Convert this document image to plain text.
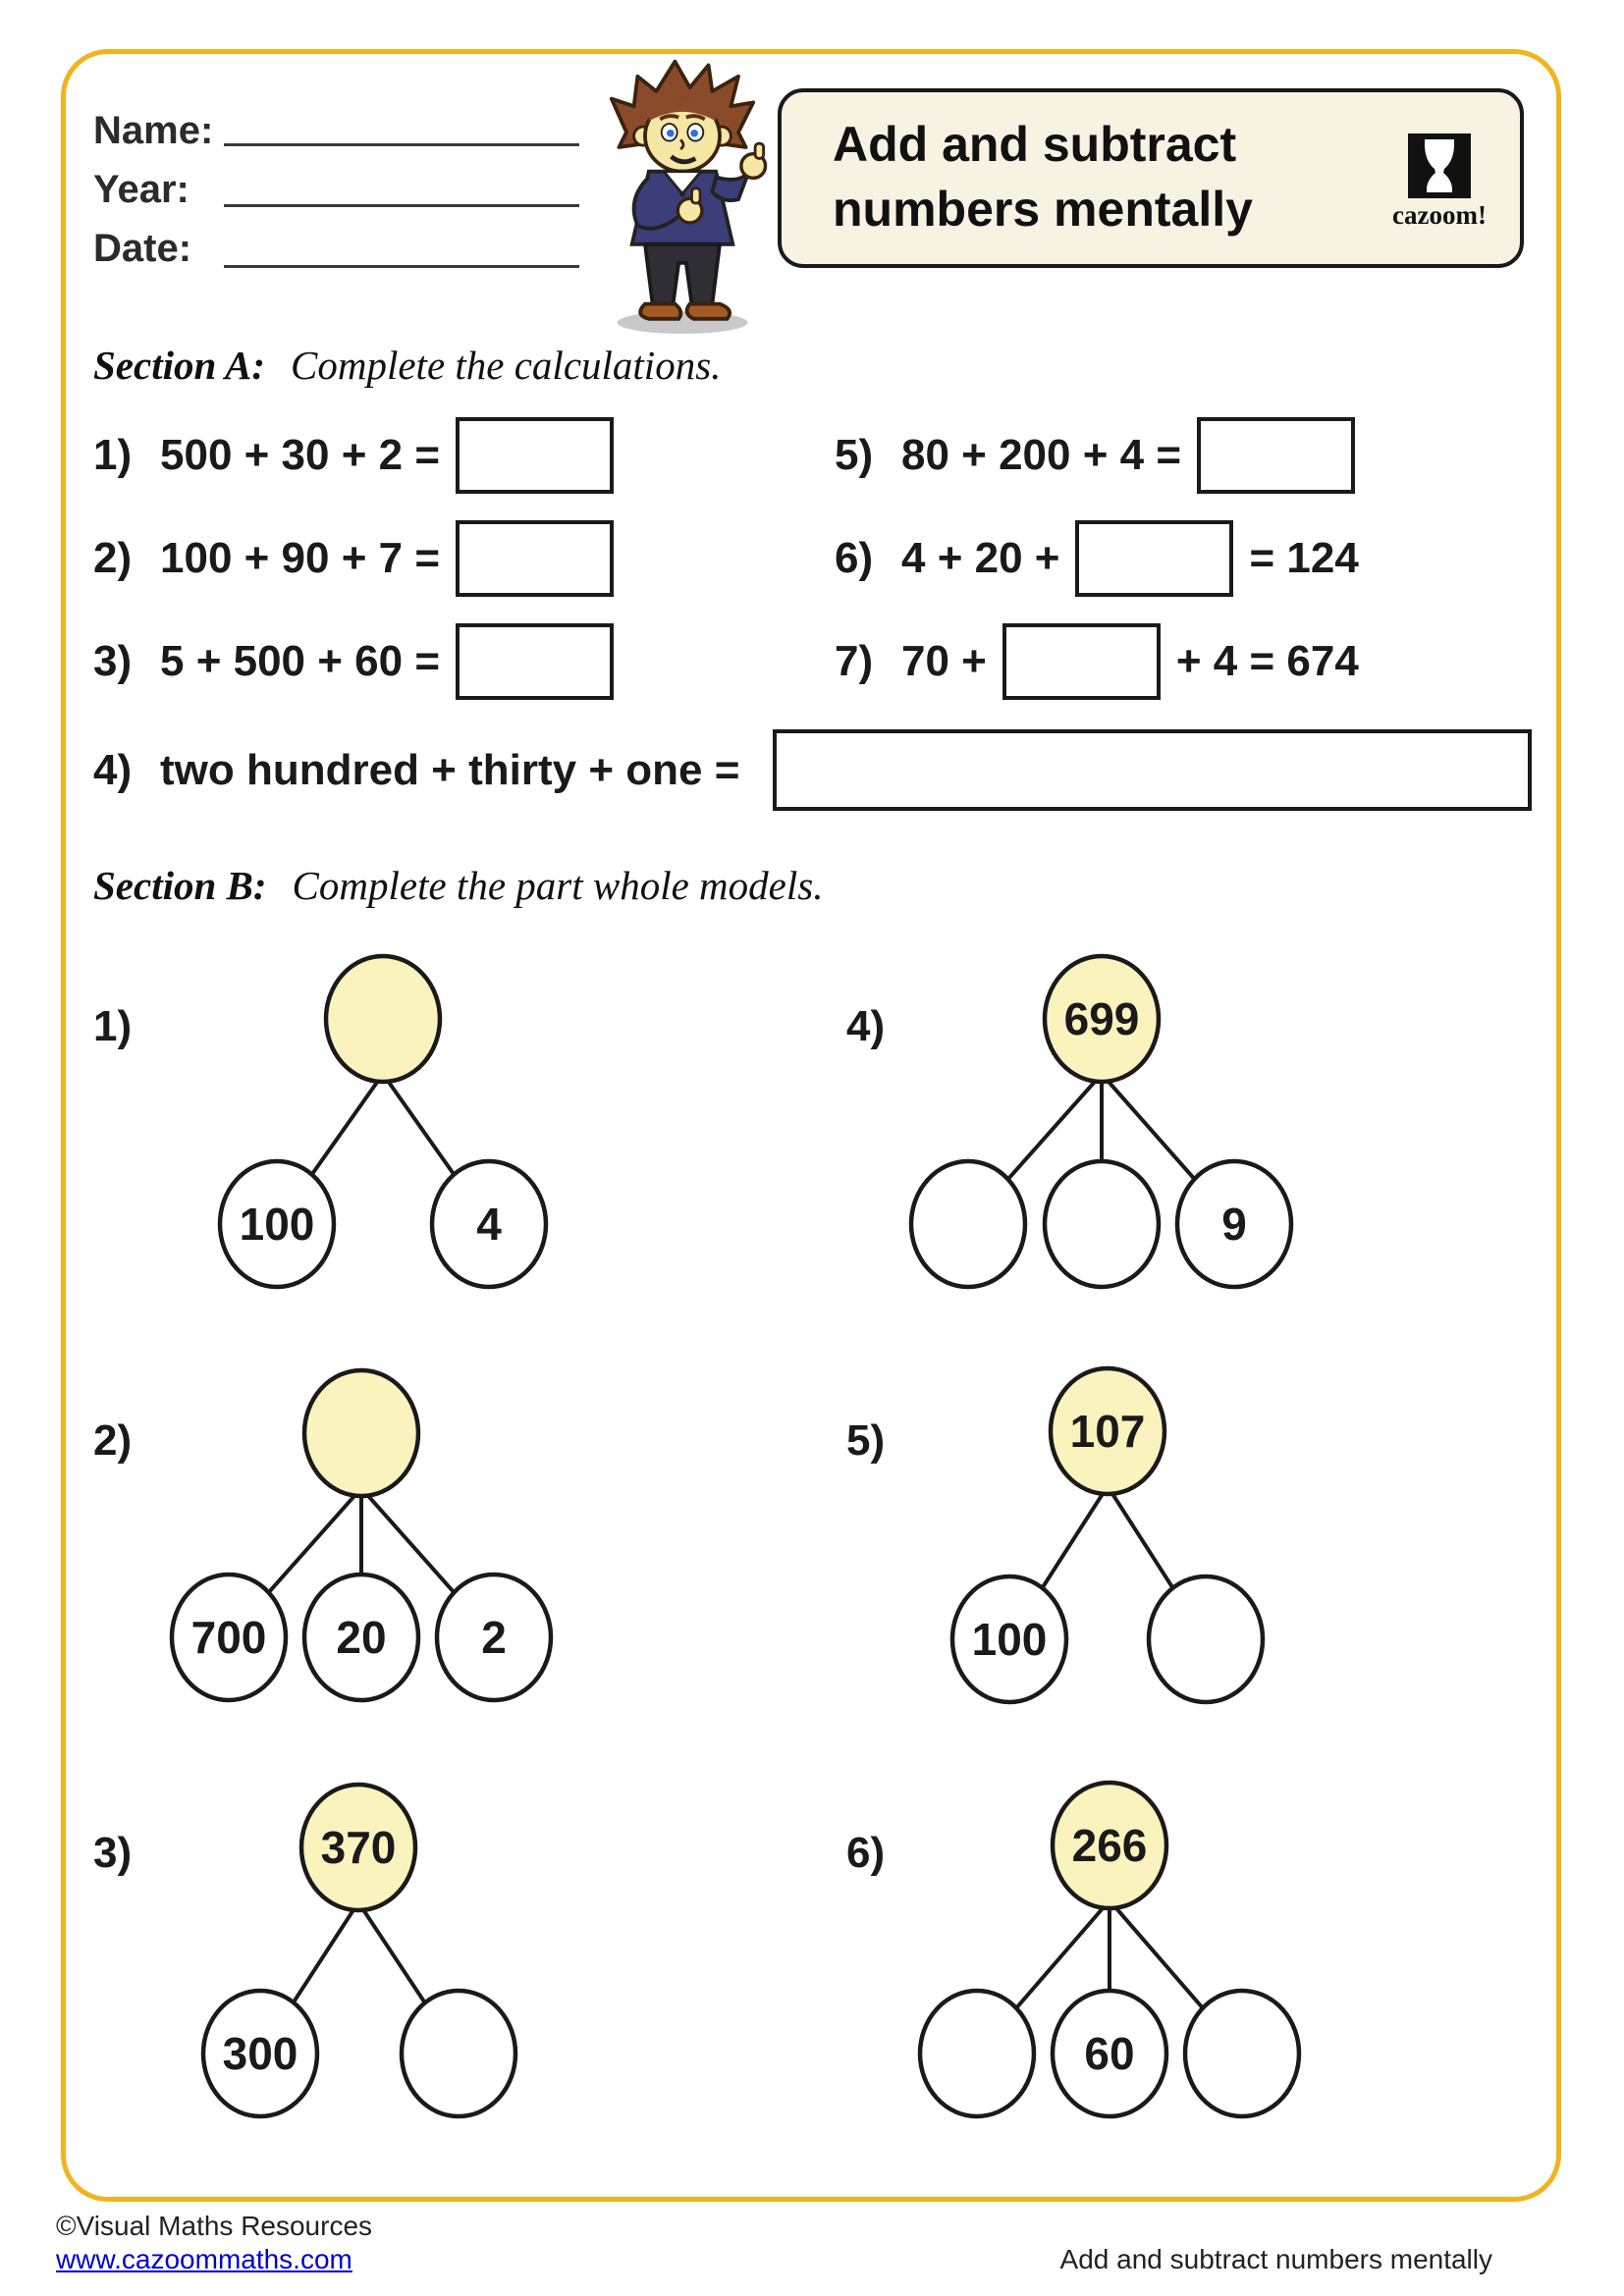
Name:
Year:
Date:
Add and subtract
numbers mentally	cazoom!
Section A: Complete the calculations.
1) 500 + 30 + 2 =
2) 100 + 90 + 7 =
3) 5 + 500 + 60 =
4) two hundred + thirty + one =
5) 80 + 200 + 4 =
6) 4 + 20 +	= 124
7) 70 +	+ 4 = 674
Section B: Complete the part whole models.
1)
100	4
2)
700 20 2
3)	370
300
4)	699
9
5)	107
100
6)	266
60
©Visual Maths Resources
www.cazoommaths.com	Add and subtract numbers mentally
